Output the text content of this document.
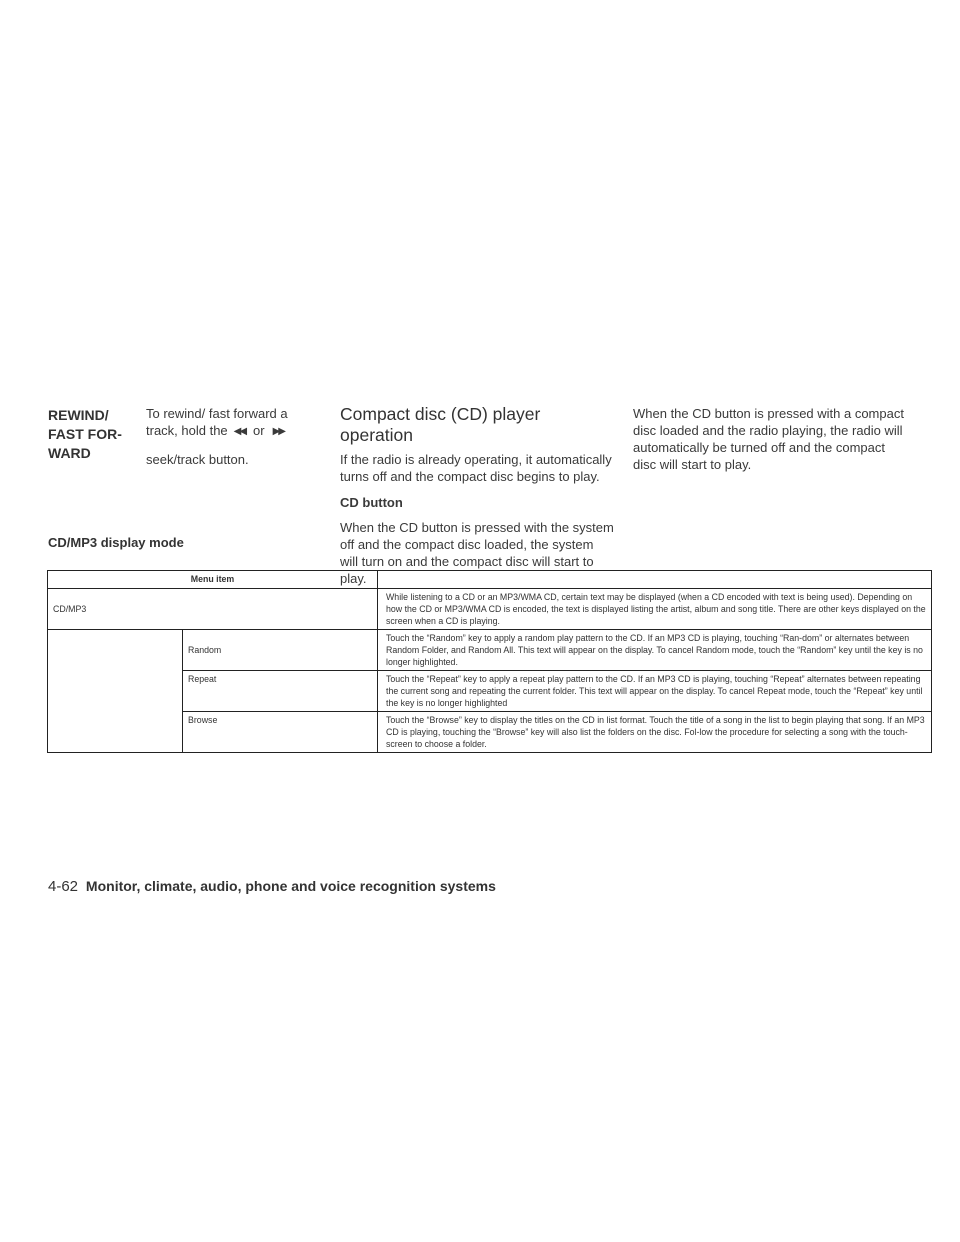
REWIND/
FAST FOR-
WARD

To rewind/ fast forward a track, hold the ◀◀ or ▶▶

seek/track button.

Compact disc (CD) player operation

If the radio is already operating, it automatically turns off and the compact disc begins to play.

CD button

When the CD button is pressed with the system off and the compact disc loaded, the system will turn on and the compact disc will start to play.

When the CD button is pressed with a compact disc loaded and the radio playing, the radio will automatically be turned off and the compact disc will start to play.

CD/MP3 display mode

Menu item		
CD/MP3		While listening to a CD or an MP3/WMA CD, certain text may be displayed (when a CD encoded with text is being used). Depending on how the CD or MP3/WMA CD is encoded, the text is displayed listing the artist, album and song title. There are other keys displayed on the screen when a CD is playing.
	Random	Touch the “Random” key to apply a random play pattern to the CD. If an MP3 CD is playing, touching “Ran-dom” or alternates between Random Folder, and Random All. This text will appear on the display. To cancel Random mode, touch the “Random” key until the key is no longer highlighted.
	Repeat	Touch the “Repeat” key to apply a repeat play pattern to the CD. If an MP3 CD is playing, touching “Repeat” alternates between repeating the current song and repeating the current folder. This text will appear on the display. To cancel Repeat mode, touch the “Repeat” key until the key is no longer highlighted
	Browse	Touch the “Browse” key to display the titles on the CD in list format. Touch the title of a song in the list to begin playing that song. If an MP3 CD is playing, touching the “Browse” key will also list the folders on the disc. Fol-low the procedure for selecting a song with the touch-screen to choose a folder.
4-62 Monitor, climate, audio, phone and voice recognition systems
